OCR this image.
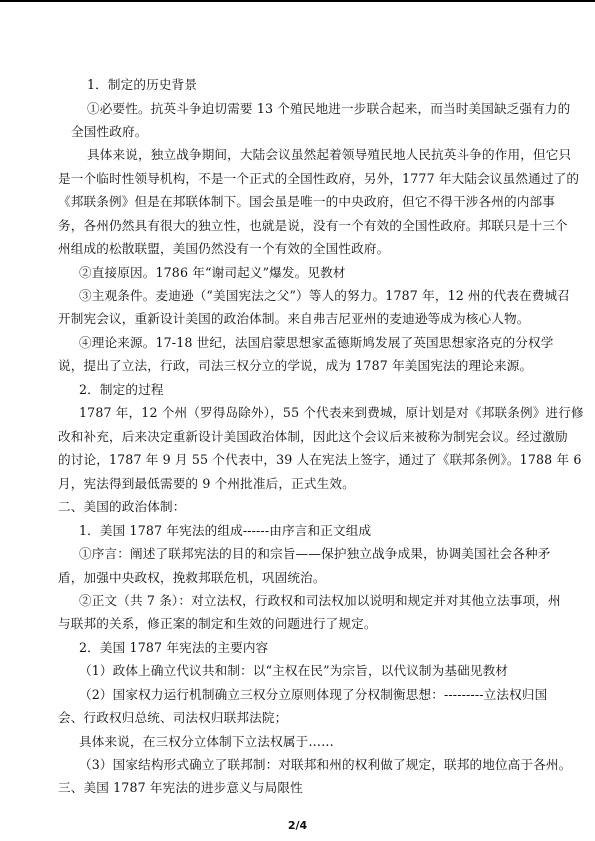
1．制定的历史背景
①必要性。抗英斗争迫切需要 13 个殖民地进一步联合起来，而当时美国缺乏强有力的
全国性政府。
具体来说，独立战争期间，大陆会议虽然起着领导殖民地人民抗英斗争的作用，但它只
是一个临时性领导机构，不是一个正式的全国性政府，另外，1777 年大陆会议虽然通过了的
《邦联条例》但是在邦联体制下。国会虽是唯一的中央政府，但它不得干涉各州的内部事
务，各州仍然具有很大的独立性，也就是说，没有一个有效的全国性政府。邦联只是十三个
州组成的松散联盟，美国仍然没有一个有效的全国性政府。
②直接原因。1786 年“谢司起义”爆发。见教材
③主观条件。麦迪逊（“美国宪法之父”）等人的努力。1787 年，12 州的代表在费城召
开制宪会议，重新设计美国的政治体制。来自弗吉尼亚州的麦迪逊等成为核心人物。
④理论来源。17-18 世纪，法国启蒙思想家孟德斯鸠发展了英国思想家洛克的分权学
说，提出了立法，行政，司法三权分立的学说，成为 1787 年美国宪法的理论来源。
2．制定的过程
1787 年，12 个州（罗得岛除外），55 个代表来到费城，原计划是对《邦联条例》进行修
改和补充，后来决定重新设计美国政治体制，因此这个会议后来被称为制宪会议。经过激励
的讨论，1787 年 9 月 55 个代表中，39 人在宪法上签字，通过了《联邦条例》。1788 年 6
月，宪法得到最低需要的 9 个州批准后，正式生效。
二、美国的政治体制：
1．美国 1787 年宪法的组成------由序言和正文组成
①序言：阐述了联邦宪法的目的和宗旨——保护独立战争成果，协调美国社会各种矛
盾，加强中央政权，挽救邦联危机，巩固统治。
②正文（共 7 条）：对立法权，行政权和司法权加以说明和规定并对其他立法事项，州
与联邦的关系，修正案的制定和生效的问题进行了规定。
2．美国 1787 年宪法的主要内容
（1）政体上确立代议共和制：以“主权在民”为宗旨，以代议制为基础见教材
（2）国家权力运行机制确立三权分立原则体现了分权制衡思想：---------立法权归国
会、行政权归总统、司法权归联邦法院；
具体来说，在三权分立体制下立法权属于……
（3）国家结构形式确立了联邦制：对联邦和州的权利做了规定，联邦的地位高于各州。
三、美国 1787 年宪法的进步意义与局限性
2/4
